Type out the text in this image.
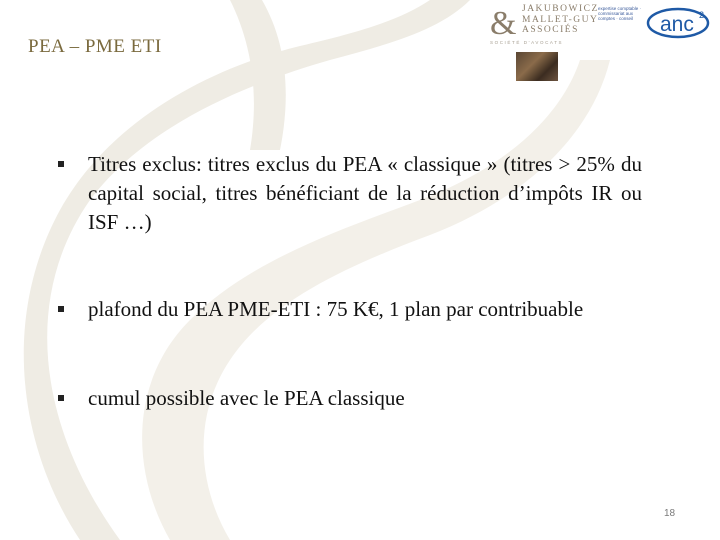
PEA – PME ETI
& JAKUBOWICZ
MALLET-GUY
ASSOCIÉS
SOCIÉTÉ D'AVOCATS
expertise comptable · commissariat aux comptes · conseil	anc 2
Titres exclus: titres exclus du PEA « classique » (titres > 25% du capital social, titres bénéficiant de la réduction d’impôts IR ou ISF …)
plafond du PEA PME-ETI : 75 K€, 1 plan par contribuable
cumul possible avec le PEA classique
18
